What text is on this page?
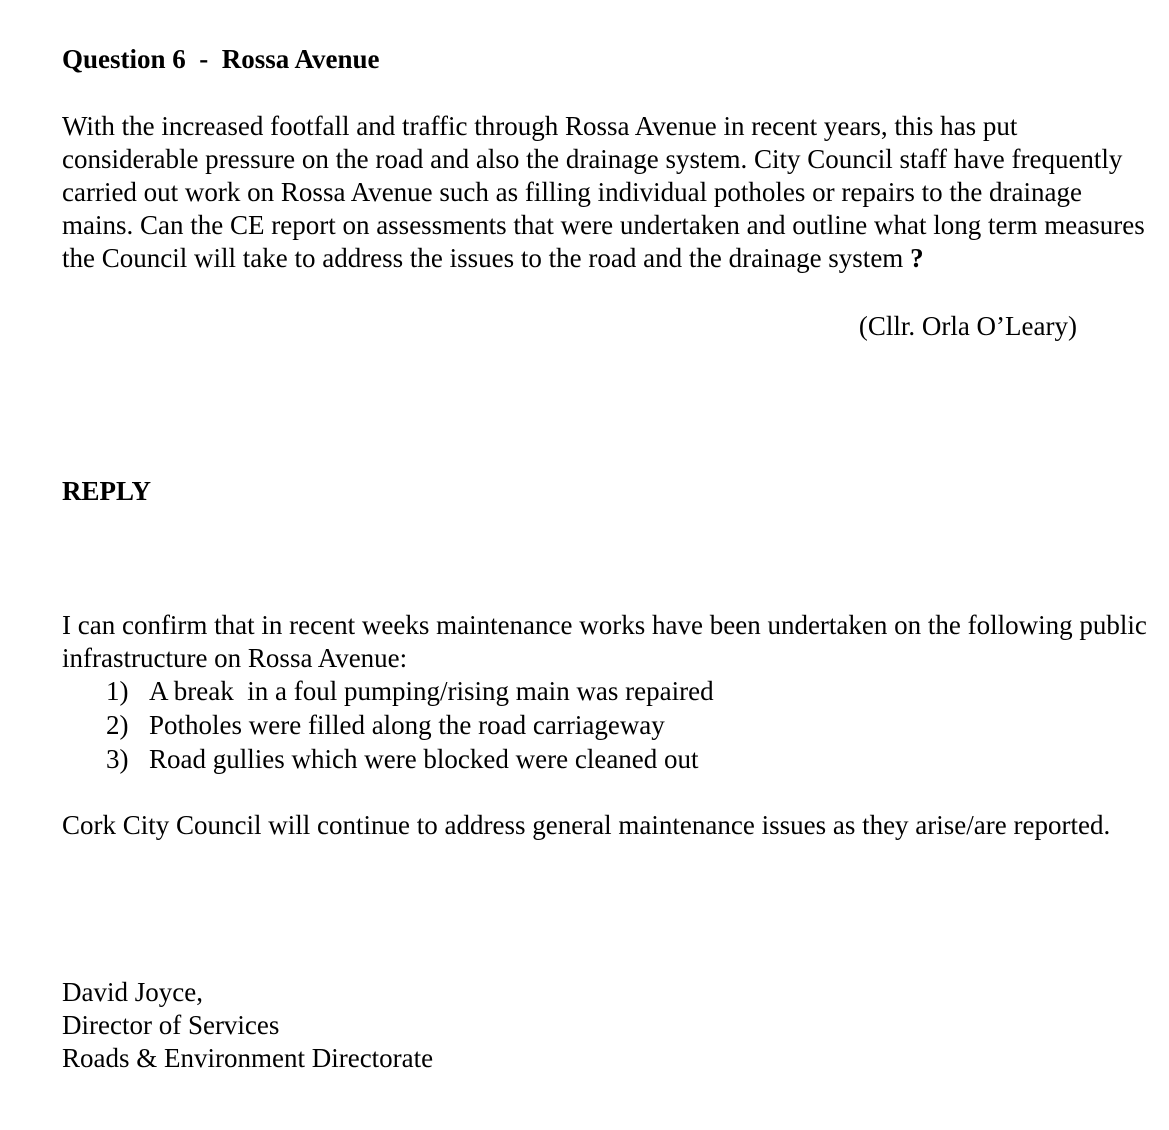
Question 6  -  Rossa Avenue
With the increased footfall and traffic through Rossa Avenue in recent years, this has put considerable pressure on the road and also the drainage system. City Council staff have frequently carried out work on Rossa Avenue such as filling individual potholes or repairs to the drainage mains. Can the CE report on assessments that were undertaken and outline what long term measures the Council will take to address the issues to the road and the drainage system ?
(Cllr. Orla O’Leary)
REPLY
I can confirm that in recent weeks maintenance works have been undertaken on the following public infrastructure on Rossa Avenue:
1) A break  in a foul pumping/rising main was repaired
2) Potholes were filled along the road carriageway
3) Road gullies which were blocked were cleaned out
Cork City Council will continue to address general maintenance issues as they arise/are reported.
David Joyce,
Director of Services
Roads & Environment Directorate
